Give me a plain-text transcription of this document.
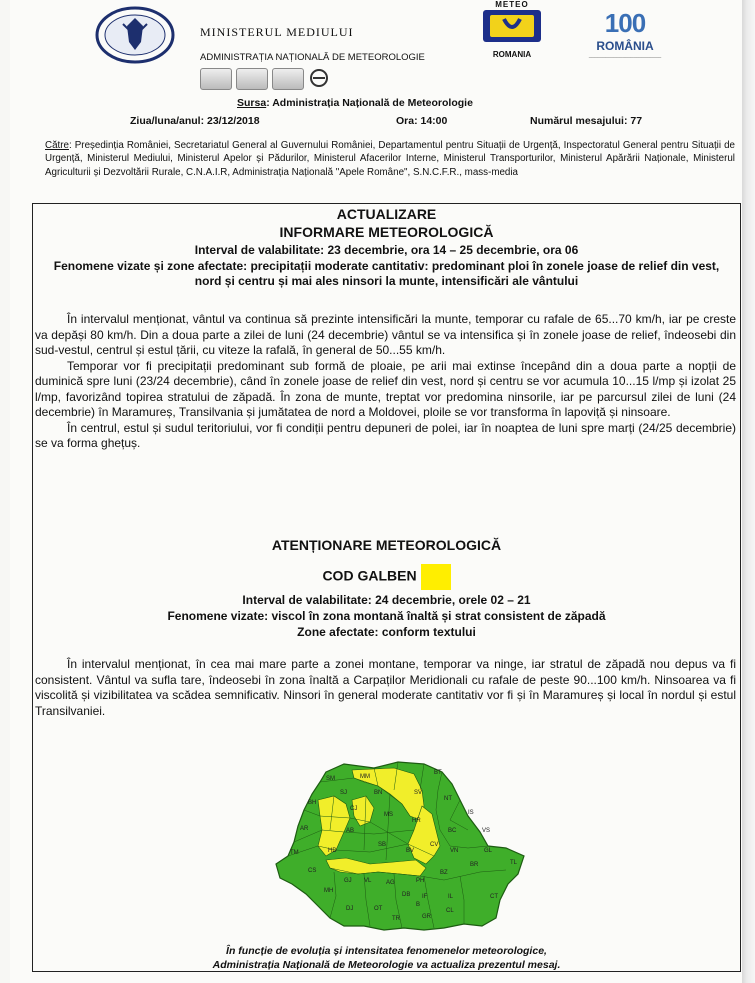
MINISTERUL MEDIULUI
ADMINISTRAȚIA NAȚIONALĂ DE METEOROLOGIE
METEO
ROMANIA
100
ROMÂNIA
__________________________
Sursa: Administrația Națională de Meteorologie
Ziua/luna/anul: 23/12/2018	Ora: 14:00	Numărul mesajului: 77
Către: Președinția României, Secretariatul General al Guvernului României, Departamentul pentru Situații de Urgență, Inspectoratul General pentru Situații de Urgență, Ministerul Mediului, Ministerul Apelor și Pădurilor, Ministerul Afacerilor Interne, Ministerul Transporturilor, Ministerul Apărării Naționale, Ministerul Agriculturii și Dezvoltării Rurale, C.N.A.I.R, Administrația Națională "Apele Române", S.N.C.F.R., mass-media
ACTUALIZARE
INFORMARE METEOROLOGICĂ
Interval de valabilitate: 23 decembrie, ora 14 – 25 decembrie, ora 06
Fenomene vizate și zone afectate: precipitații moderate cantitativ: predominant ploi în zonele joase de relief din vest, nord și centru și mai ales ninsori la munte, intensificări ale vântului

În intervalul menționat, vântul va continua să prezinte intensificări la munte, temporar cu rafale de 65...70 km/h, iar pe creste va depăși 80 km/h. Din a doua parte a zilei de luni (24 decembrie) vântul se va intensifica și în zonele joase de relief, îndeosebi din sud-vestul, centrul și estul țării, cu viteze la rafală, în general de 50...55 km/h.

Temporar vor fi precipitații predominant sub formă de ploaie, pe arii mai extinse începând din a doua parte a nopții de duminică spre luni (23/24 decembrie), când în zonele joase de relief din vest, nord și centru se vor acumula 10...15 l/mp și izolat 25 l/mp, favorizând topirea stratului de zăpadă. În zona de munte, treptat vor predomina ninsorile, iar pe parcursul zilei de luni (24 decembrie) în Maramureș, Transilvania și jumătatea de nord a Moldovei, ploile se vor transforma în lapoviță și ninsoare.

În centrul, estul și sudul teritoriului, vor fi condiții pentru depuneri de polei, iar în noaptea de luni spre marți (24/25 decembrie) se va forma ghețuș.

ATENȚIONARE METEOROLOGICĂ
COD GALBEN
Interval de valabilitate: 24 decembrie, orele 02 – 21
Fenomene vizate: viscol în zona montană înaltă și strat consistent de zăpadă
Zone afectate: conform textului

În intervalul menționat, în cea mai mare parte a zonei montane, temporar va ninge, iar stratul de zăpadă nou depus va fi consistent. Vântul va sufla tare, îndeosebi în zona înaltă a Carpaților Meridionali cu rafale de peste 90...100 km/h. Ninsoarea va fi viscolită și vizibilitatea va scădea semnificativ. Ninsori în general moderate cantitativ vor fi și în Maramureș și local în nordul și estul Transilvaniei.

În funcție de evoluția și intensitatea fenomenelor meteorologice,
Administrația Națională de Meteorologie va actualiza prezentul mesaj.
SM	MM
BT
SV
SJ	BN
BH
CJ
MS
HR
NT
IS
VS
AR	AB	BC
VN	GL
TM	HD
SB
BV
CV
BR	TL
CS
VL AG	PH
BZ
MH
GJ
DB IF	IL	CT
DJ	OT
TR	GR
CL
B
